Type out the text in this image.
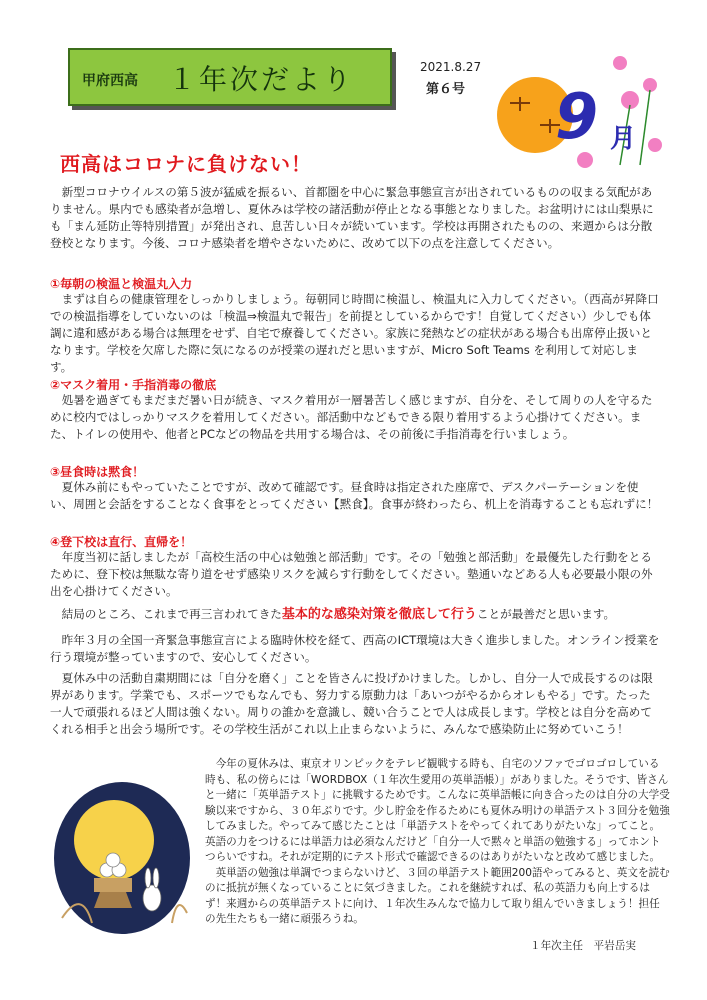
甲府西高 １年次だより	2021.8.27
第６号 9 月
西高はコロナに負けない！

新型コロナウイルスの第５波が猛威を振るい、首都圏を中心に緊急事態宣言が出されているものの収まる気配がありません。県内でも感染者が急増し、夏休みは学校の諸活動が停止となる事態となりました。お盆明けには山梨県にも「まん延防止等特別措置」が発出され、息苦しい日々が続いています。学校は再開されたものの、来週からは分散登校となります。今後、コロナ感染者を増やさないために、改めて以下の点を注意してください。

①毎朝の検温と検温丸入力

まずは自らの健康管理をしっかりしましょう。毎朝同じ時間に検温し、検温丸に入力してください。（西高が昇降口での検温指導をしていないのは「検温⇒検温丸で報告」を前提としているからです！自覚してください）少しでも体調に違和感がある場合は無理をせず、自宅で療養してください。家族に発熱などの症状がある場合も出席停止扱いとなります。学校を欠席した際に気になるのが授業の遅れだと思いますが、Micro Soft Teams を利用して対応します。

②マスク着用・手指消毒の徹底

処暑を過ぎてもまだまだ暑い日が続き、マスク着用が一層暑苦しく感じますが、自分を、そして周りの人を守るために校内ではしっかりマスクを着用してください。部活動中などもできる限り着用するよう心掛けてください。また、トイレの使用や、他者とPCなどの物品を共用する場合は、その前後に手指消毒を行いましょう。

③昼食時は黙食！

夏休み前にもやっていたことですが、改めて確認です。昼食時は指定された座席で、デスクパーテーションを使い、周囲と会話をすることなく食事をとってください【黙食】。食事が終わったら、机上を消毒することも忘れずに！

④登下校は直行、直帰を！

年度当初に話しましたが「高校生活の中心は勉強と部活動」です。その「勉強と部活動」を最優先した行動をとるために、登下校は無駄な寄り道をせず感染リスクを減らす行動をしてください。塾通いなどある人も必要最小限の外出を心掛けてください。

結局のところ、これまで再三言われてきた基本的な感染対策を徹底して行うことが最善だと思います。

昨年３月の全国一斉緊急事態宣言による臨時休校を経て、西高のICT環境は大きく進歩しました。オンライン授業を行う環境が整っていますので、安心してください。

夏休み中の活動自粛期間には「自分を磨く」ことを皆さんに投げかけました。しかし、自分一人で成長するのは限界があります。学業でも、スポーツでもなんでも、努力する原動力は「あいつがやるからオレもやる」です。たった一人で頑張れるほど人間は強くない。周りの誰かを意識し、競い合うことで人は成長します。学校とは自分を高めてくれる相手と出会う場所です。その学校生活がこれ以上止まらないように、みんなで感染防止に努めていこう！

今年の夏休みは、東京オリンピックをテレビ観戦する時も、自宅のソファでゴロゴロしている時も、私の傍らには「WORDBOX（１年次生愛用の英単語帳）」がありました。そうです、皆さんと一緒に「英単語テスト」に挑戦するためです。こんなに英単語帳に向き合ったのは自分の大学受験以来ですから、３０年ぶりです。少し貯金を作るためにも夏休み明けの単語テスト３回分を勉強してみました。やってみて感じたことは「単語テストをやってくれてありがたいな」ってこと。英語の力をつけるには単語力は必須なんだけど「自分一人で黙々と単語の勉強する」ってホントつらいですね。それが定期的にテスト形式で確認できるのはありがたいなと改めて感じました。

英単語の勉強は単調でつまらないけど、３回の単語テスト範囲200語やってみると、英文を読むのに抵抗が無くなっていることに気づきました。これを継続すれば、私の英語力も向上するはず！来週からの英単語テストに向け、１年次生みんなで協力して取り組んでいきましょう！担任の先生たちも一緒に頑張ろうね。

１年次主任　平岩岳実
